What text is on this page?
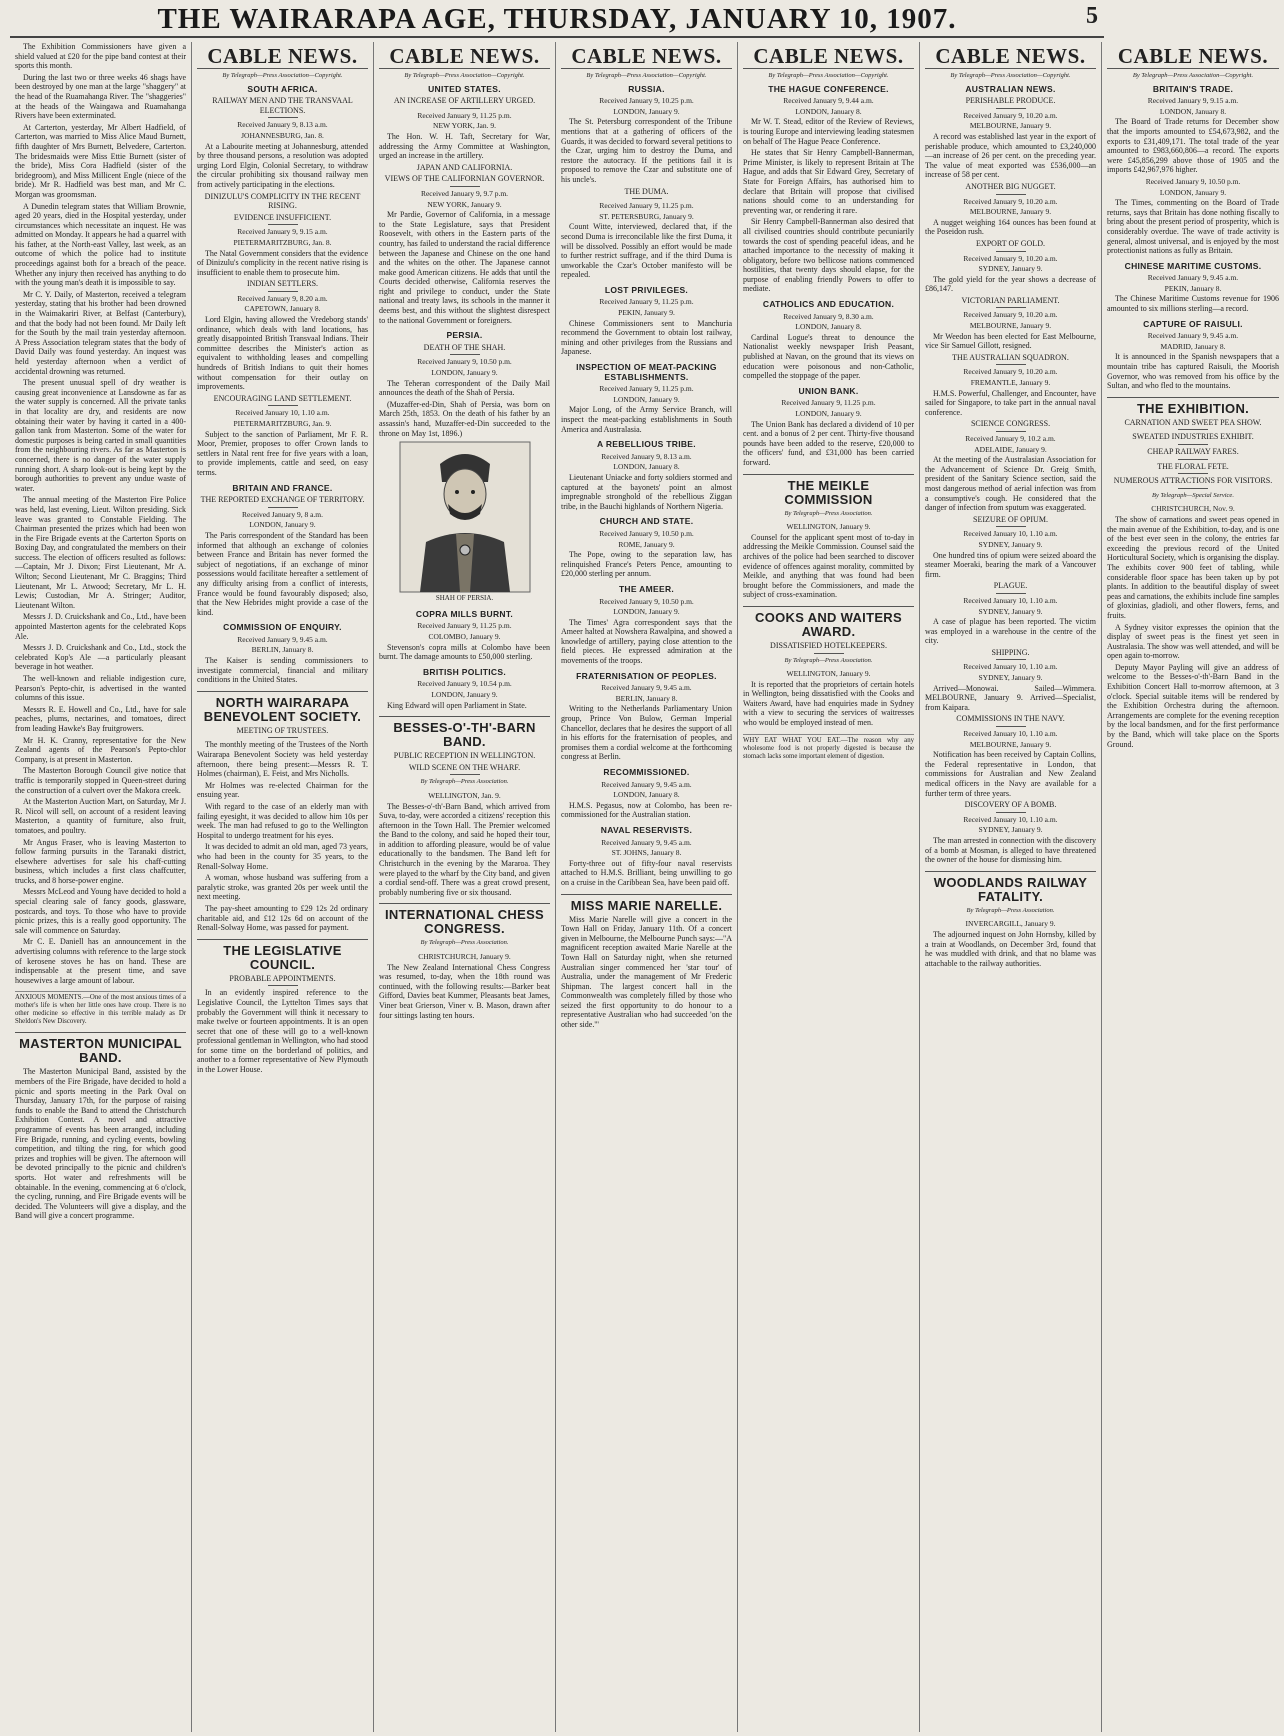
THE WAIRARAPA AGE, THURSDAY, JANUARY 10, 1907.	5

The Exhibition Commissioners have given a shield valued at £20 for the pipe band contest at their sports this month.

During the last two or three weeks 46 shags have been destroyed by one man at the large "shaggery" at the head of the Ruamahanga River. The "shaggeries" at the heads of the Waingawa and Ruamahanga Rivers have been exterminated.

At Carterton, yesterday, Mr Albert Hadfield, of Carterton, was married to Miss Alice Maud Burnett, fifth daughter of Mrs Burnett, Belvedere, Carterton. The bridesmaids were Miss Ettie Burnett (sister of the bride), Miss Cora Hadfield (sister of the bridegroom), and Miss Millicent Engle (niece of the bride). Mr R. Hadfield was best man, and Mr C. Morgan was groomsman.

A Dunedin telegram states that William Brownie, aged 20 years, died in the Hospital yesterday, under circumstances which necessitate an inquest. He was admitted on Monday. It appears he had a quarrel with his father, at the North-east Valley, last week, as an outcome of which the police had to institute proceedings against both for a breach of the peace. Whether any injury then received has anything to do with the young man's death it is impossible to say.

Mr C. Y. Daily, of Masterton, received a telegram yesterday, stating that his brother had been drowned in the Waimakariri River, at Belfast (Canterbury), and that the body had not been found. Mr Daily left for the South by the mail train yesterday afternoon. A Press Association telegram states that the body of David Daily was found yesterday. An inquest was held yesterday afternoon when a verdict of accidental drowning was returned.

The present unusual spell of dry weather is causing great inconvenience at Lansdowne as far as the water supply is concerned. All the private tanks in that locality are dry, and residents are now obtaining their water by having it carted in a 400-gallon tank from Masterton. Some of the water for domestic purposes is being carted in small quantities from the neighbouring rivers. As far as Masterton is concerned, there is no danger of the water supply running short. A sharp look-out is being kept by the borough authorities to prevent any undue waste of water.

The annual meeting of the Masterton Fire Police was held, last evening, Lieut. Wilton presiding. Sick leave was granted to Constable Fielding. The Chairman presented the prizes which had been won in the Fire Brigade events at the Carterton Sports on Boxing Day, and congratulated the members on their success. The election of officers resulted as follows:—Captain, Mr J. Dixon; First Lieutenant, Mr A. Wilton; Second Lieutenant, Mr C. Braggins; Third Lieutenant, Mr L. Atwood; Secretary, Mr L. H. Lewis; Custodian, Mr A. Stringer; Auditor, Lieutenant Wilton.

Messrs J. D. Cruickshank and Co., Ltd., have been appointed Masterton agents for the celebrated Kops Ale.

Messrs J. D. Cruickshank and Co., Ltd., stock the celebrated Kop's Ale —a particularly pleasant beverage in hot weather.

The well-known and reliable indigestion cure, Pearson's Pepto-chir, is advertised in the wanted columns of this issue.

Messrs R. E. Howell and Co., Ltd., have for sale peaches, plums, nectarines, and tomatoes, direct from leading Hawke's Bay fruitgrowers.

Mr H. K. Cranny, representative for the New Zealand agents of the Pearson's Pepto-chlor Company, is at present in Masterton.

The Masterton Borough Council give notice that traffic is temporarily stopped in Queen-street during the construction of a culvert over the Makora creek.

At the Masterton Auction Mart, on Saturday, Mr J. R. Nicol will sell, on account of a resident leaving Masterton, a quantity of furniture, also fruit, tomatoes, and poultry.

Mr Angus Fraser, who is leaving Masterton to follow farming pursuits in the Taranaki district, elsewhere advertises for sale his chaff-cutting business, which includes a first class chaffcutter, trucks, and 8 horse-power engine.

Messrs McLeod and Young have decided to hold a special clearing sale of fancy goods, glassware, postcards, and toys. To those who have to provide picnic prizes, this is a really good opportunity. The sale will commence on Saturday.

Mr C. E. Daniell has an announcement in the advertising columns with reference to the large stock of kerosene stoves he has on hand. These are indispensable at the present time, and save housewives a large amount of labour.

ANXIOUS MOMENTS.—One of the most anxious times of a mother's life is when her little ones have croup. There is no other medicine so effective in this terrible malady as Dr Sheldon's New Discovery.
MASTERTON MUNICIPAL BAND.

The Masterton Municipal Band, assisted by the members of the Fire Brigade, have decided to hold a picnic and sports meeting in the Park Oval on Thursday, January 17th, for the purpose of raising funds to enable the Band to attend the Christchurch Exhibition Contest. A novel and attractive programme of events has been arranged, including Fire Brigade, running, and cycling events, bowling competition, and tilting the ring, for which good prizes and trophies will be given. The afternoon will be devoted principally to the picnic and children's sports. Hot water and refreshments will be obtainable. In the evening, commencing at 6 o'clock, the cycling, running, and Fire Brigade events will be decided. The Volunteers will give a display, and the Band will give a concert programme.

CABLE NEWS.
By Telegraph—Press Association—Copyright.
SOUTH AFRICA.
RAILWAY MEN AND THE TRANSVAAL ELECTIONS.
Received January 9, 8.13 a.m.
JOHANNESBURG, Jan. 8.

At a Labourite meeting at Johannesburg, attended by three thousand persons, a resolution was adopted urging Lord Elgin, Colonial Secretary, to withdraw the circular prohibiting six thousand railway men from actively participating in the elections.

DINIZULU'S COMPLICITY IN THE RECENT RISING.
EVIDENCE INSUFFICIENT.
Received January 9, 9.15 a.m.
PIETERMARITZBURG, Jan. 8.

The Natal Government considers that the evidence of Dinizulu's complicity in the recent native rising is insufficient to enable them to prosecute him.

INDIAN SETTLERS.
Received January 9, 8.20 a.m.
CAPETOWN, January 8.

Lord Elgin, having allowed the Vredeborg stands' ordinance, which deals with land locations, has greatly disappointed British Transvaal Indians. Their committee describes the Minister's action as equivalent to withholding leases and compelling hundreds of British Indians to quit their homes without compensation for their outlay on improvements.

ENCOURAGING LAND SETTLEMENT.
Received January 10, 1.10 a.m.
PIETERMARITZBURG, Jan. 9.

Subject to the sanction of Parliament, Mr F. R. Moor, Premier, proposes to offer Crown lands to settlers in Natal rent free for five years with a loan, to provide implements, cattle and seed, on easy terms.

BRITAIN AND FRANCE.
THE REPORTED EXCHANGE OF TERRITORY.
Received January 9, 8 a.m.
LONDON, January 9.

The Paris correspondent of the Standard has been informed that although an exchange of colonies between France and Britain has never formed the subject of negotiations, if an exchange of minor possessions would facilitate hereafter a settlement of any difficulty arising from a conflict of interests, France would be found favourably disposed; also, that the New Hebrides might provide a case of the kind.

COMMISSION OF ENQUIRY.
Received January 9, 9.45 a.m.
BERLIN, January 8.

The Kaiser is sending commissioners to investigate commercial, financial and military conditions in the United States.

NORTH WAIRARAPA BENEVOLENT SOCIETY.
MEETING OF TRUSTEES.

The monthly meeting of the Trustees of the North Wairarapa Benevolent Society was held yesterday afternoon, there being present:—Messrs R. T. Holmes (chairman), E. Feist, and Mrs Nicholls.

Mr Holmes was re-elected Chairman for the ensuing year.

With regard to the case of an elderly man with failing eyesight, it was decided to allow him 10s per week. The man had refused to go to the Wellington Hospital to undergo treatment for his eyes.

It was decided to admit an old man, aged 73 years, who had been in the county for 35 years, to the Renall-Solway Home.

A woman, whose husband was suffering from a paralytic stroke, was granted 20s per week until the next meeting.

The pay-sheet amounting to £29 12s 2d ordinary charitable aid, and £12 12s 6d on account of the Renall-Solway Home, was passed for payment.

THE LEGISLATIVE COUNCIL.
PROBABLE APPOINTMENTS.

In an evidently inspired reference to the Legislative Council, the Lyttelton Times says that probably the Government will think it necessary to make twelve or fourteen appointments. It is an open secret that one of these will go to a well-known professional gentleman in Wellington, who had stood for some time on the borderland of politics, and another to a former representative of New Plymouth in the Lower House.

CABLE NEWS.
By Telegraph—Press Association—Copyright.
UNITED STATES.
AN INCREASE OF ARTILLERY URGED.
Received January 9, 11.25 p.m.
NEW YORK, Jan. 9.

The Hon. W. H. Taft, Secretary for War, addressing the Army Committee at Washington, urged an increase in the artillery.

JAPAN AND CALIFORNIA.
VIEWS OF THE CALIFORNIAN GOVERNOR.
Received January 9, 9.7 p.m.
NEW YORK, January 9.

Mr Pardie, Governor of California, in a message to the State Legislature, says that President Roosevelt, with others in the Eastern parts of the country, has failed to understand the racial difference between the Japanese and Chinese on the one hand and the whites on the other. The Japanese cannot make good American citizens. He adds that until the Courts decided otherwise, California reserves the right and privilege to conduct, under the State national and treaty laws, its schools in the manner it deems best, and this without the slightest disrespect to the national Government or foreigners.

PERSIA.
DEATH OF THE SHAH.
Received January 9, 10.50 p.m.
LONDON, January 9.

The Teheran correspondent of the Daily Mail announces the death of the Shah of Persia.

(Muzaffer-ed-Din, Shah of Persia, was born on March 25th, 1853. On the death of his father by an assassin's hand, Muzaffer-ed-Din succeeded to the throne on May 1st, 1896.)

SHAH OF PERSIA.
COPRA MILLS BURNT.
Received January 9, 11.25 p.m.
COLOMBO, January 9.

Stevenson's copra mills at Colombo have been burnt. The damage amounts to £50,000 sterling.

BRITISH POLITICS.
Received January 9, 10.54 p.m.
LONDON, January 9.

King Edward will open Parliament in State.

BESSES-O'-TH'-BARN BAND.
PUBLIC RECEPTION IN WELLINGTON.
WILD SCENE ON THE WHARF.
By Telegraph—Press Association.
WELLINGTON, Jan. 9.

The Besses-o'-th'-Barn Band, which arrived from Suva, to-day, were accorded a citizens' reception this afternoon in the Town Hall. The Premier welcomed the Band to the colony, and said he hoped their tour, in addition to affording pleasure, would be of value educationally to the bandsmen. The Band left for Christchurch in the evening by the Mararoa. They were played to the wharf by the City band, and given a cordial send-off. There was a great crowd present, probably numbering five or six thousand.

INTERNATIONAL CHESS CONGRESS.
By Telegraph—Press Association.
CHRISTCHURCH, January 9.

The New Zealand International Chess Congress was resumed, to-day, when the 18th round was continued, with the following results:—Barker beat Gifford, Davies beat Kummer, Pleasants beat James, Viner beat Grierson, Viner v. B. Mason, drawn after four sittings lasting ten hours.

CABLE NEWS.
By Telegraph—Press Association—Copyright.
RUSSIA.
Received January 9, 10.25 p.m.
LONDON, January 9.

The St. Petersburg correspondent of the Tribune mentions that at a gathering of officers of the Guards, it was decided to forward several petitions to the Czar, urging him to destroy the Duma, and restore the autocracy. If the petitions fail it is proposed to remove the Czar and substitute one of his uncle's.

THE DUMA.
Received January 9, 11.25 p.m.
ST. PETERSBURG, January 9.

Count Witte, interviewed, declared that, if the second Duma is irreconcilable like the first Duma, it will be dissolved. Possibly an effort would be made to further restrict suffrage, and if the third Duma is unworkable the Czar's October manifesto will be repealed.

LOST PRIVILEGES.
Received January 9, 11.25 p.m.
PEKIN, January 9.

Chinese Commissioners sent to Manchuria recommend the Government to obtain lost railway, mining and other privileges from the Russians and Japanese.

INSPECTION OF MEAT-PACKING ESTABLISHMENTS.
Received January 9, 11.25 p.m.
LONDON, January 9.

Major Long, of the Army Service Branch, will inspect the meat-packing establishments in South America and Australasia.

A REBELLIOUS TRIBE.
Received January 9, 8.13 a.m.
LONDON, January 8.

Lieutenant Uniacke and forty soldiers stormed and captured at the bayonets' point an almost impregnable stronghold of the rebellious Ziggan tribe, in the Bauchi highlands of Northern Nigeria.

CHURCH AND STATE.
Received January 9, 10.50 p.m.
ROME, January 9.

The Pope, owing to the separation law, has relinquished France's Peters Pence, amounting to £20,000 sterling per annum.

THE AMEER.
Received January 9, 10.50 p.m.
LONDON, January 9.

The Times' Agra correspondent says that the Ameer halted at Nowshera Rawalpina, and showed a knowledge of artillery, paying close attention to the field pieces. He expressed admiration at the movements of the troops.

FRATERNISATION OF PEOPLES.
Received January 9, 9.45 a.m.
BERLIN, January 8.

Writing to the Netherlands Parliamentary Union group, Prince Von Bulow, German Imperial Chancellor, declares that he desires the support of all in his efforts for the fraternisation of peoples, and promises them a cordial welcome at the forthcoming congress at Berlin.

RECOMMISSIONED.
Received January 9, 9.45 a.m.
LONDON, January 8.

H.M.S. Pegasus, now at Colombo, has been re-commissioned for the Australian station.

NAVAL RESERVISTS.
Received January 9, 9.45 a.m.
ST. JOHNS, January 8.

Forty-three out of fifty-four naval reservists attached to H.M.S. Brilliant, being unwilling to go on a cruise in the Caribbean Sea, have been paid off.

MISS MARIE NARELLE.

Miss Marie Narelle will give a concert in the Town Hall on Friday, January 11th. Of a concert given in Melbourne, the Melbourne Punch says:—"A magnificent reception awaited Marie Narelle at the Town Hall on Saturday night, when she returned Australian singer commenced her 'star tour' of Australia, under the management of Mr Frederic Shipman. The largest concert hall in the Commonwealth was completely filled by those who seized the first opportunity to do honour to a representative Australian who had succeeded 'on the other side.'"

CABLE NEWS.
By Telegraph—Press Association—Copyright.
THE HAGUE CONFERENCE.
Received January 9, 9.44 a.m.
LONDON, January 8.

Mr W. T. Stead, editor of the Review of Reviews, is touring Europe and interviewing leading statesmen on behalf of The Hague Peace Conference.

He states that Sir Henry Campbell-Bannerman, Prime Minister, is likely to represent Britain at The Hague, and adds that Sir Edward Grey, Secretary of State for Foreign Affairs, has authorised him to declare that Britain will propose that civilised nations should come to an understanding for preventing war, or rendering it rare.

Sir Henry Campbell-Bannerman also desired that all civilised countries should contribute pecuniarily towards the cost of spending peaceful ideas, and he attached importance to the necessity of making it obligatory, before two bellicose nations commenced hostilities, that twenty days should elapse, for the purpose of enabling friendly Powers to offer to mediate.

CATHOLICS AND EDUCATION.
Received January 9, 8.30 a.m.
LONDON, January 8.

Cardinal Logue's threat to denounce the Nationalist weekly newspaper Irish Peasant, published at Navan, on the ground that its views on education were poisonous and non-Catholic, compelled the stoppage of the paper.

UNION BANK.
Received January 9, 11.25 p.m.
LONDON, January 9.

The Union Bank has declared a dividend of 10 per cent. and a bonus of 2 per cent. Thirty-five thousand pounds have been added to the reserve, £20,000 to the officers' fund, and £31,000 has been carried forward.

THE MEIKLE COMMISSION
By Telegraph—Press Association.
WELLINGTON, January 9.

Counsel for the applicant spent most of to-day in addressing the Meikle Commission. Counsel said the archives of the police had been searched to discover evidence of offences against morality, committed by Meikle, and anything that was found had been brought before the Commissioners, and made the subject of cross-examination.

COOKS AND WAITERS AWARD.
DISSATISFIED HOTELKEEPERS.
By Telegraph—Press Association.
WELLINGTON, January 9.

It is reported that the proprietors of certain hotels in Wellington, being dissatisfied with the Cooks and Waiters Award, have had enquiries made in Sydney with a view to securing the services of waitresses who would be employed instead of men.

WHY EAT WHAT YOU EAT.—The reason why any wholesome food is not properly digested is because the stomach lacks some important element of digestion.
CABLE NEWS.
By Telegraph—Press Association—Copyright.
AUSTRALIAN NEWS.
PERISHABLE PRODUCE.
Received January 9, 10.20 a.m.
MELBOURNE, January 9.

A record was established last year in the export of perishable produce, which amounted to £3,240,000—an increase of 26 per cent. on the preceding year. The value of meat exported was £536,000—an increase of 58 per cent.

ANOTHER BIG NUGGET.
Received January 9, 10.20 a.m.
MELBOURNE, January 9.

A nugget weighing 164 ounces has been found at the Poseidon rush.

EXPORT OF GOLD.
Received January 9, 10.20 a.m.
SYDNEY, January 9.

The gold yield for the year shows a decrease of £86,147.

VICTORIAN PARLIAMENT.
Received January 9, 10.20 a.m.
MELBOURNE, January 9.

Mr Weedon has been elected for East Melbourne, vice Sir Samuel Gillott, resigned.

THE AUSTRALIAN SQUADRON.
Received January 9, 10.20 a.m.
FREMANTLE, January 9.

H.M.S. Powerful, Challenger, and Encounter, have sailed for Singapore, to take part in the annual naval conference.

SCIENCE CONGRESS.
Received January 9, 10.2 a.m.
ADELAIDE, January 9.

At the meeting of the Australasian Association for the Advancement of Science Dr. Greig Smith, president of the Sanitary Science section, said the most dangerous method of aerial infection was from a consumptive's cough. He considered that the danger of infection from sputum was exaggerated.

SEIZURE OF OPIUM.
Received January 10, 1.10 a.m.
SYDNEY, January 9.

One hundred tins of opium were seized aboard the steamer Moeraki, bearing the mark of a Vancouver firm.

PLAGUE.
Received January 10, 1.10 a.m.
SYDNEY, January 9.

A case of plague has been reported. The victim was employed in a warehouse in the centre of the city.

SHIPPING.
Received January 10, 1.10 a.m.
SYDNEY, January 9.

Arrived—Monowai. Sailed—Wimmera. MELBOURNE, January 9. Arrived—Specialist, from Kaipara.

COMMISSIONS IN THE NAVY.
Received January 10, 1.10 a.m.
MELBOURNE, January 9.

Notification has been received by Captain Collins, the Federal representative in London, that commissions for Australian and New Zealand medical officers in the Navy are available for a further term of three years.

DISCOVERY OF A BOMB.
Received January 10, 1.10 a.m.
SYDNEY, January 9.

The man arrested in connection with the discovery of a bomb at Mosman, is alleged to have threatened the owner of the house for dismissing him.

WOODLANDS RAILWAY FATALITY.
By Telegraph—Press Association.
INVERCARGILL, January 9.

The adjourned inquest on John Hornsby, killed by a train at Woodlands, on December 3rd, found that he was muddled with drink, and that no blame was attachable to the railway authorities.

CABLE NEWS.
By Telegraph—Press Association—Copyright.
BRITAIN'S TRADE.
Received January 9, 9.15 a.m.
LONDON, January 8.

The Board of Trade returns for December show that the imports amounted to £54,673,982, and the exports to £31,409,171. The total trade of the year amounted to £983,660,806—a record. The exports were £45,856,299 above those of 1905 and the imports £42,967,976 higher.

Received January 9, 10.50 p.m.
LONDON, January 9.

The Times, commenting on the Board of Trade returns, says that Britain has done nothing fiscally to bring about the present period of prosperity, which is considerably overdue. The wave of trade activity is general, almost universal, and is enjoyed by the most protectionist nations as fully as Britain.

CHINESE MARITIME CUSTOMS.
Received January 9, 9.45 a.m.
PEKIN, January 8.

The Chinese Maritime Customs revenue for 1906 amounted to six millions sterling—a record.

CAPTURE OF RAISULI.
Received January 9, 9.45 a.m.
MADRID, January 8.

It is announced in the Spanish newspapers that a mountain tribe has captured Raisuli, the Moorish Governor, who was removed from his office by the Sultan, and who fled to the mountains.

THE EXHIBITION.
CARNATION AND SWEET PEA SHOW.
SWEATED INDUSTRIES EXHIBIT.
CHEAP RAILWAY FARES.
THE FLORAL FETE.
NUMEROUS ATTRACTIONS FOR VISITORS.
By Telegraph—Special Service.
CHRISTCHURCH, Nov. 9.

The show of carnations and sweet peas opened in the main avenue of the Exhibition, to-day, and is one of the best ever seen in the colony, the entries far exceeding the previous record of the United Horticultural Society, which is organising the display. The exhibits cover 900 feet of tabling, while considerable floor space has been taken up by pot plants. In addition to the beautiful display of sweet peas and carnations, the exhibits include fine samples of gloxinias, gladioli, and other flowers, ferns, and fruits.

A Sydney visitor expresses the opinion that the display of sweet peas is the finest yet seen in Australasia. The show was well attended, and will be open again to-morrow.

Deputy Mayor Payling will give an address of welcome to the Besses-o'-th'-Barn Band in the Exhibition Concert Hall to-morrow afternoon, at 3 o'clock. Special suitable items will be rendered by the Exhibition Orchestra during the afternoon. Arrangements are complete for the evening reception by the local bandsmen, and for the first performance by the Band, which will take place on the Sports Ground.
